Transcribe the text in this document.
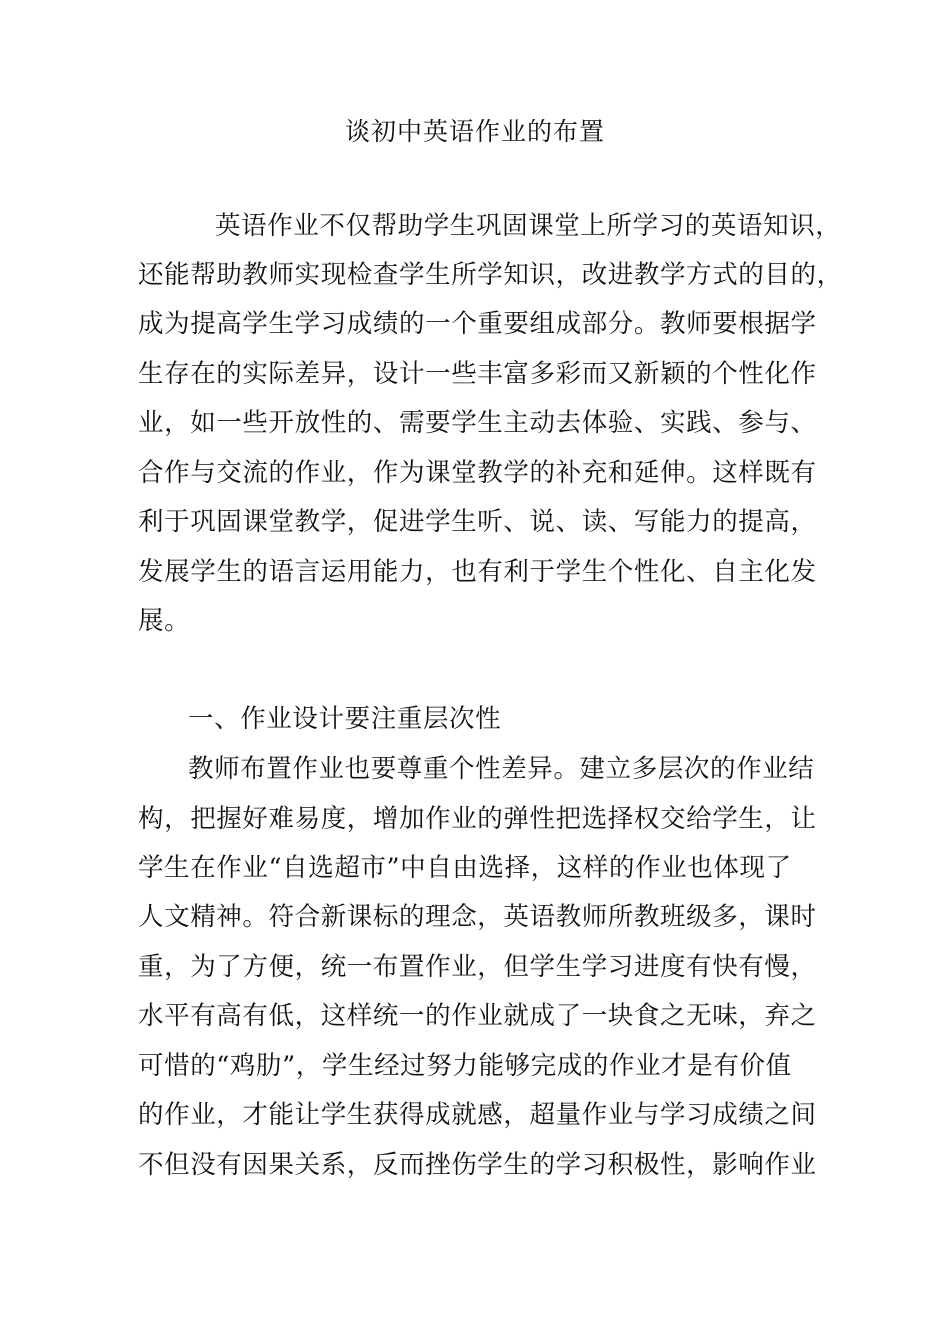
谈初中英语作业的布置

英语作业不仅帮助学生巩固课堂上所学习的英语知识，

还能帮助教师实现检查学生所学知识，改进教学方式的目的，

成为提高学生学习成绩的一个重要组成部分。教师要根据学

生存在的实际差异，设计一些丰富多彩而又新颖的个性化作

业，如一些开放性的、需要学生主动去体验、实践、参与、

合作与交流的作业，作为课堂教学的补充和延伸。这样既有

利于巩固课堂教学，促进学生听、说、读、写能力的提高，

发展学生的语言运用能力，也有利于学生个性化、自主化发

展。

一、作业设计要注重层次性

教师布置作业也要尊重个性差异。建立多层次的作业结

构，把握好难易度，增加作业的弹性把选择权交给学生，让

学生在作业“自选超市”中自由选择，这样的作业也体现了

人文精神。符合新课标的理念，英语教师所教班级多，课时

重，为了方便，统一布置作业，但学生学习进度有快有慢，

水平有高有低，这样统一的作业就成了一块食之无味，弃之

可惜的“鸡肋”，学生经过努力能够完成的作业才是有价值

的作业，才能让学生获得成就感，超量作业与学习成绩之间

不但没有因果关系，反而挫伤学生的学习积极性，影响作业
